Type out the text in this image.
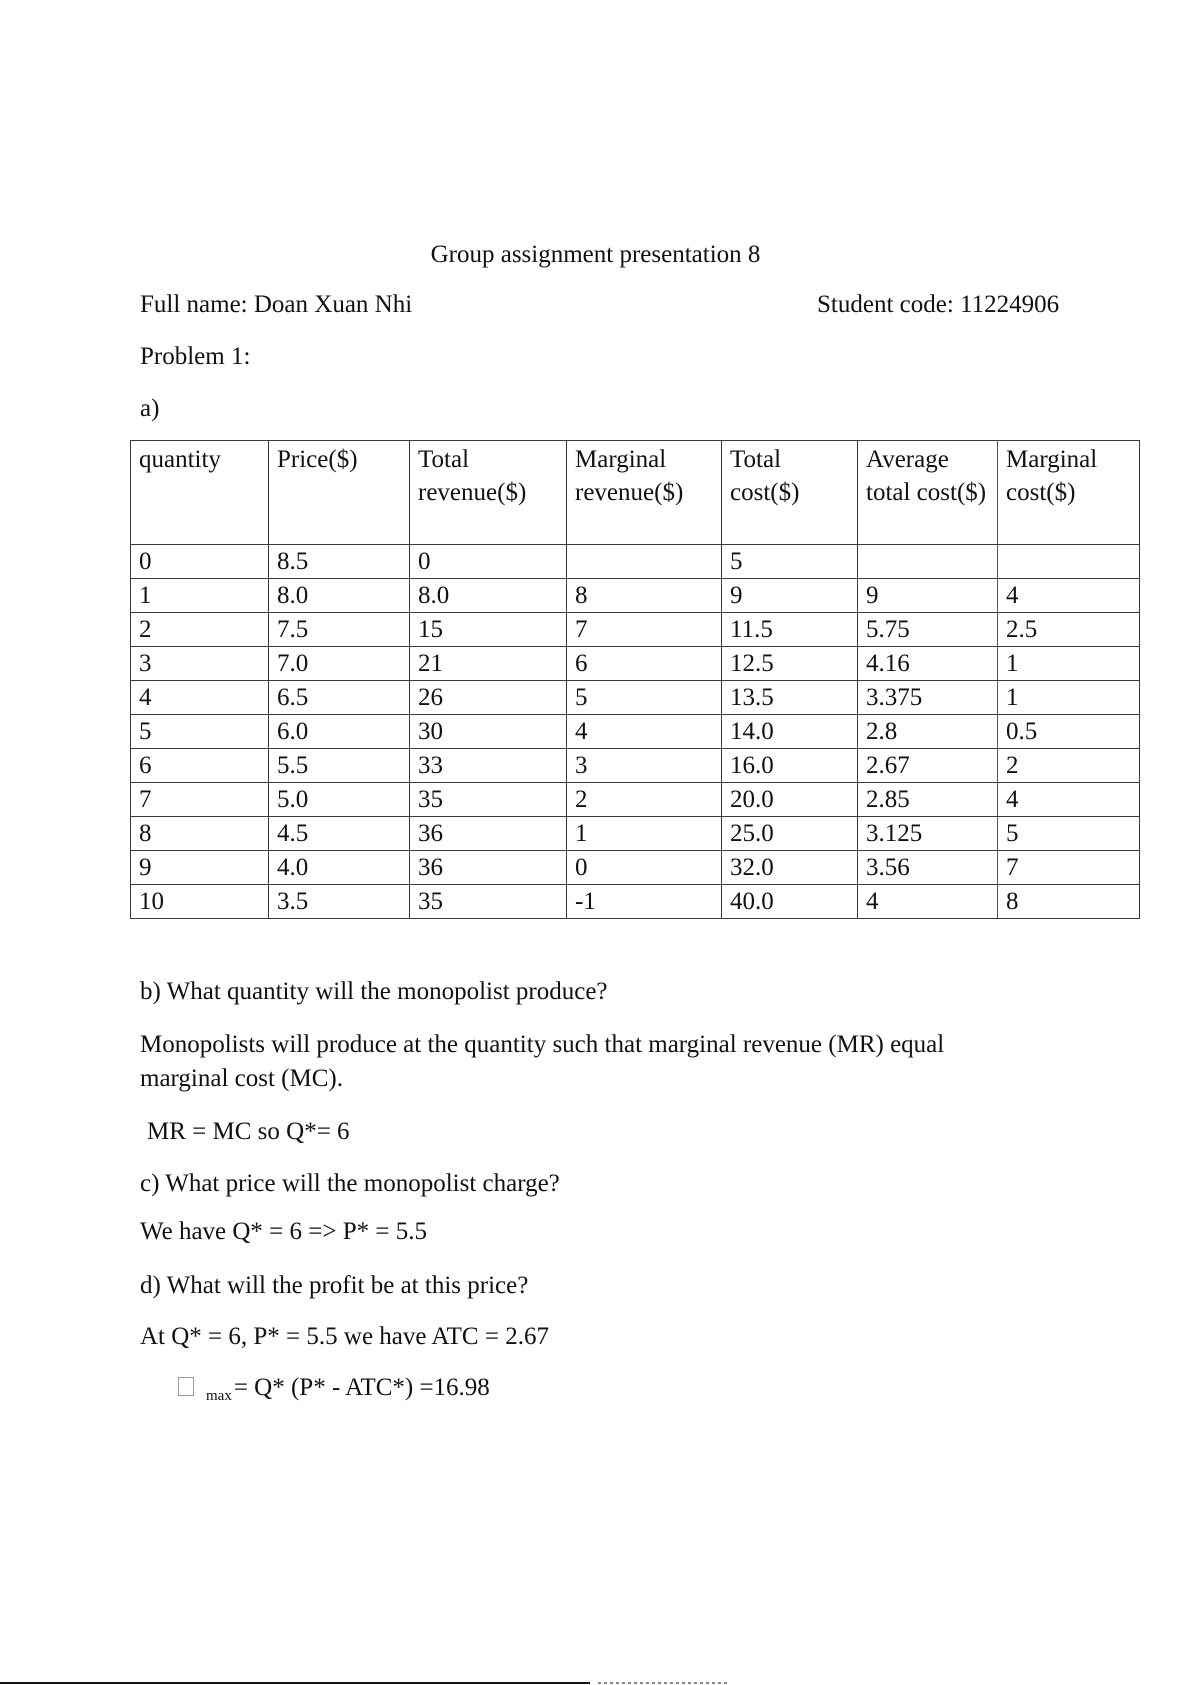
Group assignment presentation 8
Full name: Doan Xuan Nhi	Student code: 11224906
Problem 1:
a)
quantity	Price($)	Total revenue($)	Marginal revenue($)	Total cost($)	Average total cost($)	Marginal cost($)
0	8.5	0		5		
1	8.0	8.0	8	9	9	4
2	7.5	15	7	11.5	5.75	2.5
3	7.0	21	6	12.5	4.16	1
4	6.5	26	5	13.5	3.375	1
5	6.0	30	4	14.0	2.8	0.5
6	5.5	33	3	16.0	2.67	2
7	5.0	35	2	20.0	2.85	4
8	4.5	36	1	25.0	3.125	5
9	4.0	36	0	32.0	3.56	7
10	3.5	35	-1	40.0	4	8
b) What quantity will the monopolist produce?
Monopolists will produce at the quantity such that marginal revenue (MR) equal
marginal cost (MC).
MR = MC so Q*= 6
c) What price will the monopolist charge?
We have Q* = 6 => P* = 5.5
d) What will the profit be at this price?
At Q* = 6, P* = 5.5 we have ATC = 2.67
max = Q* (P* - ATC*) =16.98
